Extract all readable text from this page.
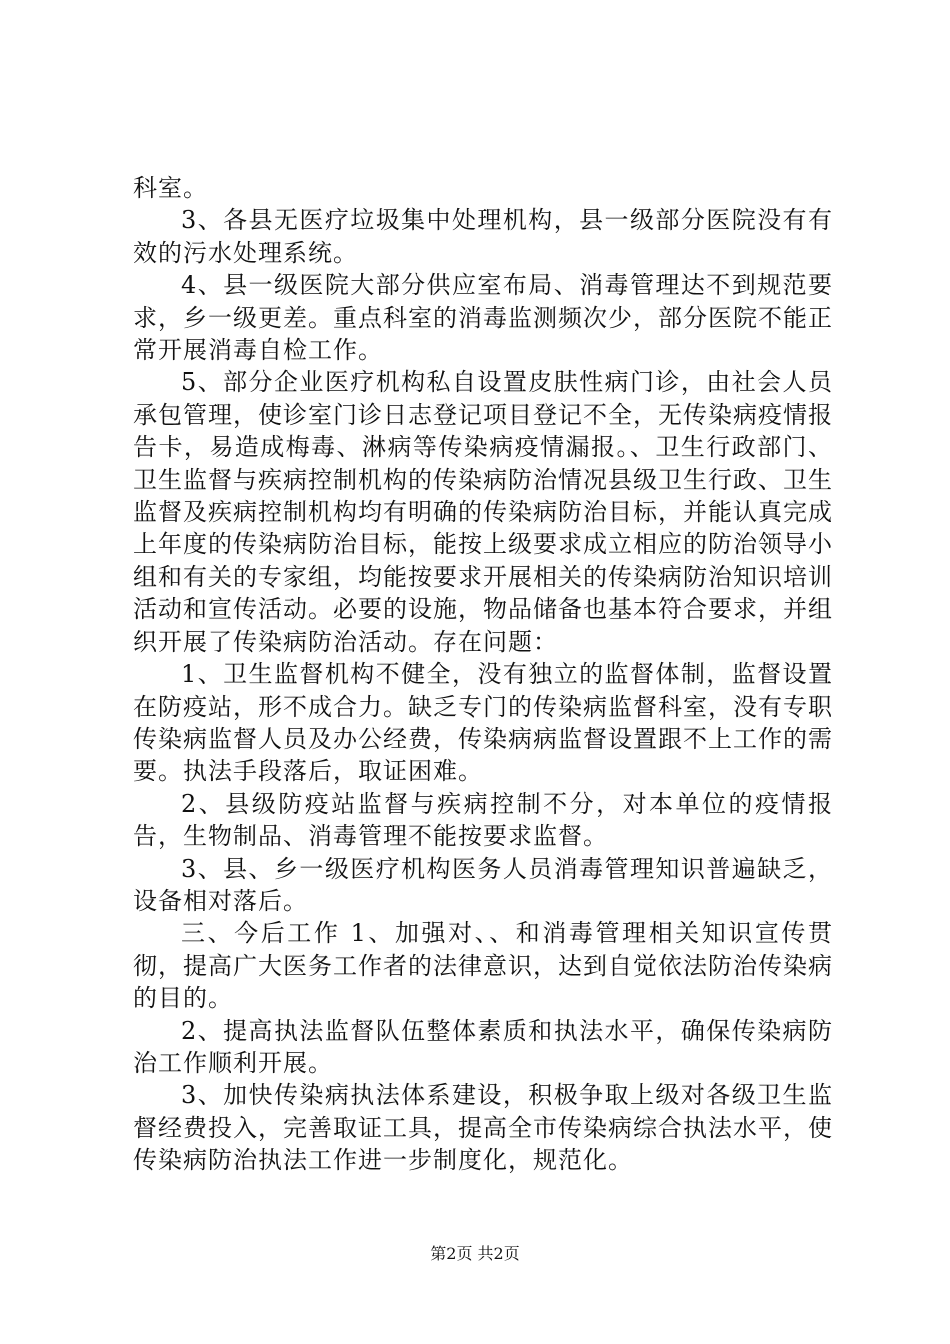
科室。

3、各县无医疗垃圾集中处理机构，县一级部分医院没有有效的污水处理系统。

4、县一级医院大部分供应室布局、消毒管理达不到规范要求，乡一级更差。重点科室的消毒监测频次少，部分医院不能正常开展消毒自检工作。

5、部分企业医疗机构私自设置皮肤性病门诊，由社会人员承包管理，使诊室门诊日志登记项目登记不全，无传染病疫情报告卡，易造成梅毒、淋病等传染病疫情漏报。、卫生行政部门、卫生监督与疾病控制机构的传染病防治情况县级卫生行政、卫生监督及疾病控制机构均有明确的传染病防治目标，并能认真完成上年度的传染病防治目标，能按上级要求成立相应的防治领导小组和有关的专家组，均能按要求开展相关的传染病防治知识培训活动和宣传活动。必要的设施，物品储备也基本符合要求，并组织开展了传染病防治活动。存在问题：

1、卫生监督机构不健全，没有独立的监督体制，监督设置在防疫站，形不成合力。缺乏专门的传染病监督科室，没有专职传染病监督人员及办公经费，传染病病监督设置跟不上工作的需要。执法手段落后，取证困难。

2、县级防疫站监督与疾病控制不分，对本单位的疫情报告，生物制品、消毒管理不能按要求监督。

3、县、乡一级医疗机构医务人员消毒管理知识普遍缺乏，设备相对落后。

三、今后工作 1、加强对、、和消毒管理相关知识宣传贯彻，提高广大医务工作者的法律意识，达到自觉依法防治传染病的目的。

2、提高执法监督队伍整体素质和执法水平，确保传染病防治工作顺利开展。

3、加快传染病执法体系建设，积极争取上级对各级卫生监督经费投入，完善取证工具，提高全市传染病综合执法水平，使传染病防治执法工作进一步制度化，规范化。

第2页 共2页
